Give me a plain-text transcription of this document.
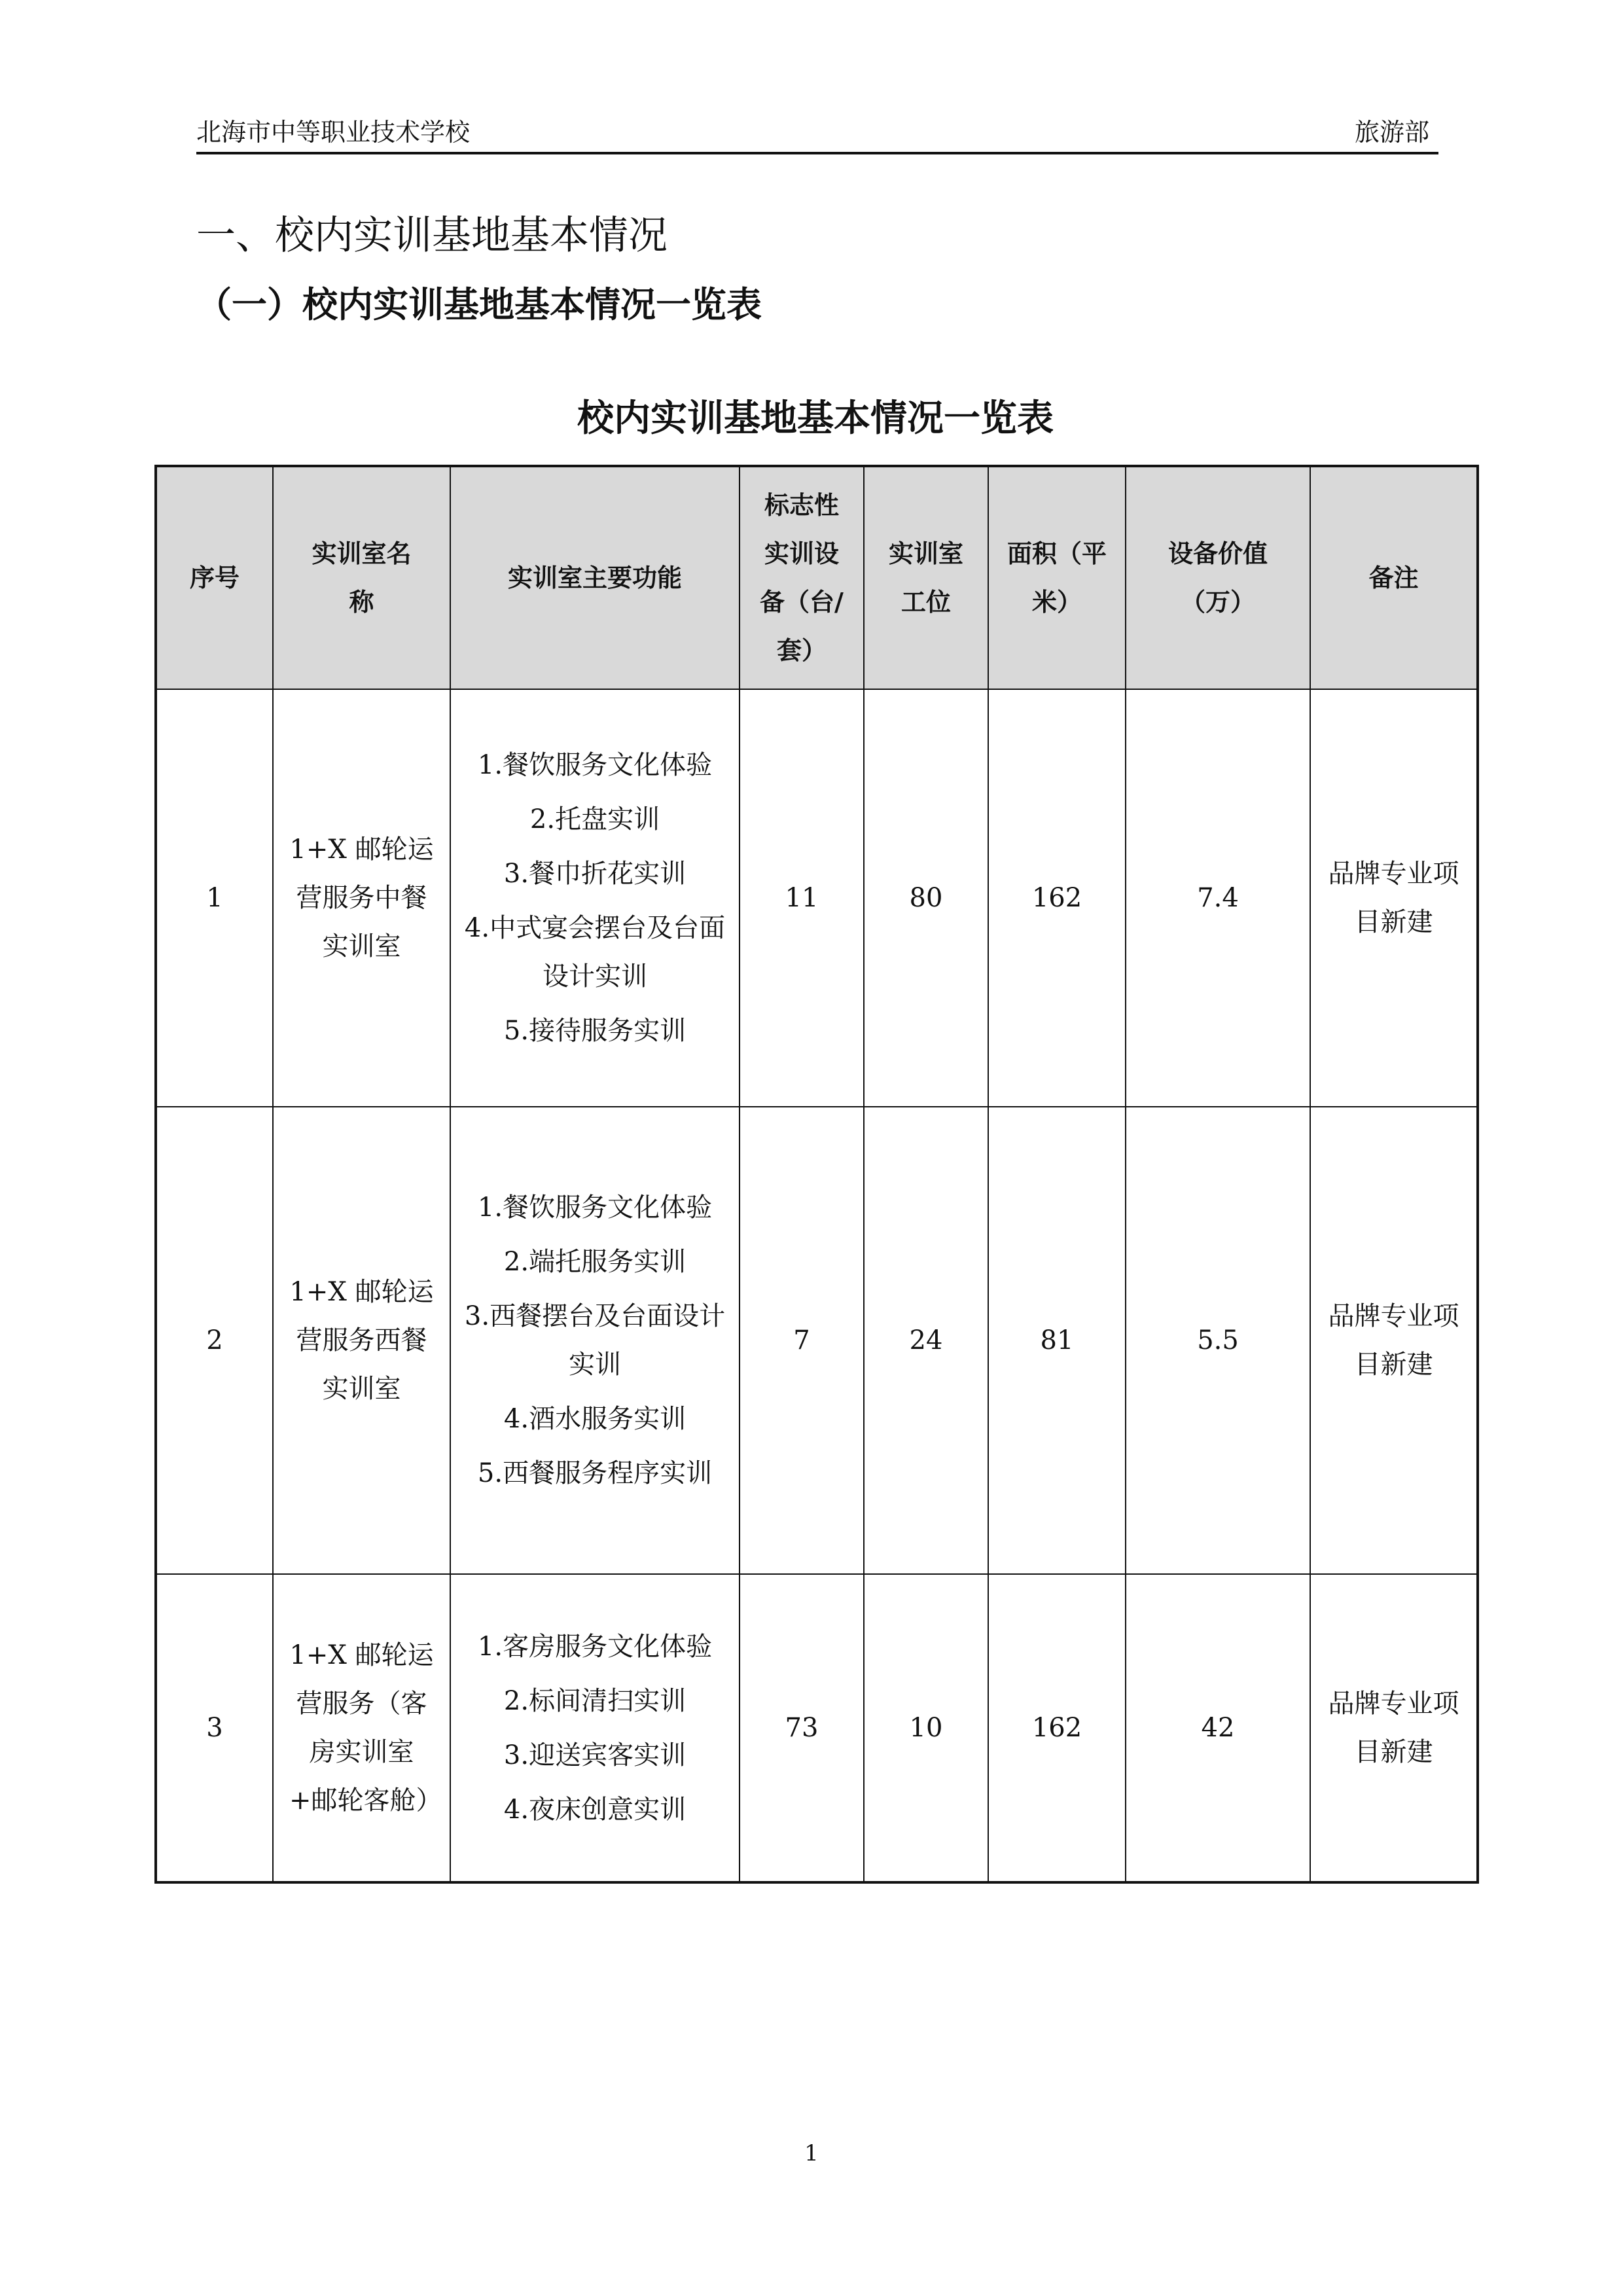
北海市中等职业技术学校	旅游部
一、校内实训基地基本情况
（一）校内实训基地基本情况一览表
校内实训基地基本情况一览表
序号	实训室名称	实训室主要功能	标志性实训设备（台/套）	实训室工位	面积（平米）	设备价值（万）	备注
1	1+X 邮轮运营服务中餐实训室	1.餐饮服务文化体验
2.托盘实训
3.餐巾折花实训
4.中式宴会摆台及台面设计实训
5.接待服务实训	11	80	162	7.4	品牌专业项目新建
2	1+X 邮轮运营服务西餐实训室	1.餐饮服务文化体验
2.端托服务实训
3.西餐摆台及台面设计实训
4.酒水服务实训
5.西餐服务程序实训	7	24	81	5.5	品牌专业项目新建
3	1+X 邮轮运营服务（客房实训室+邮轮客舱）	1.客房服务文化体验
2.标间清扫实训
3.迎送宾客实训
4.夜床创意实训	73	10	162	42	品牌专业项目新建
1
